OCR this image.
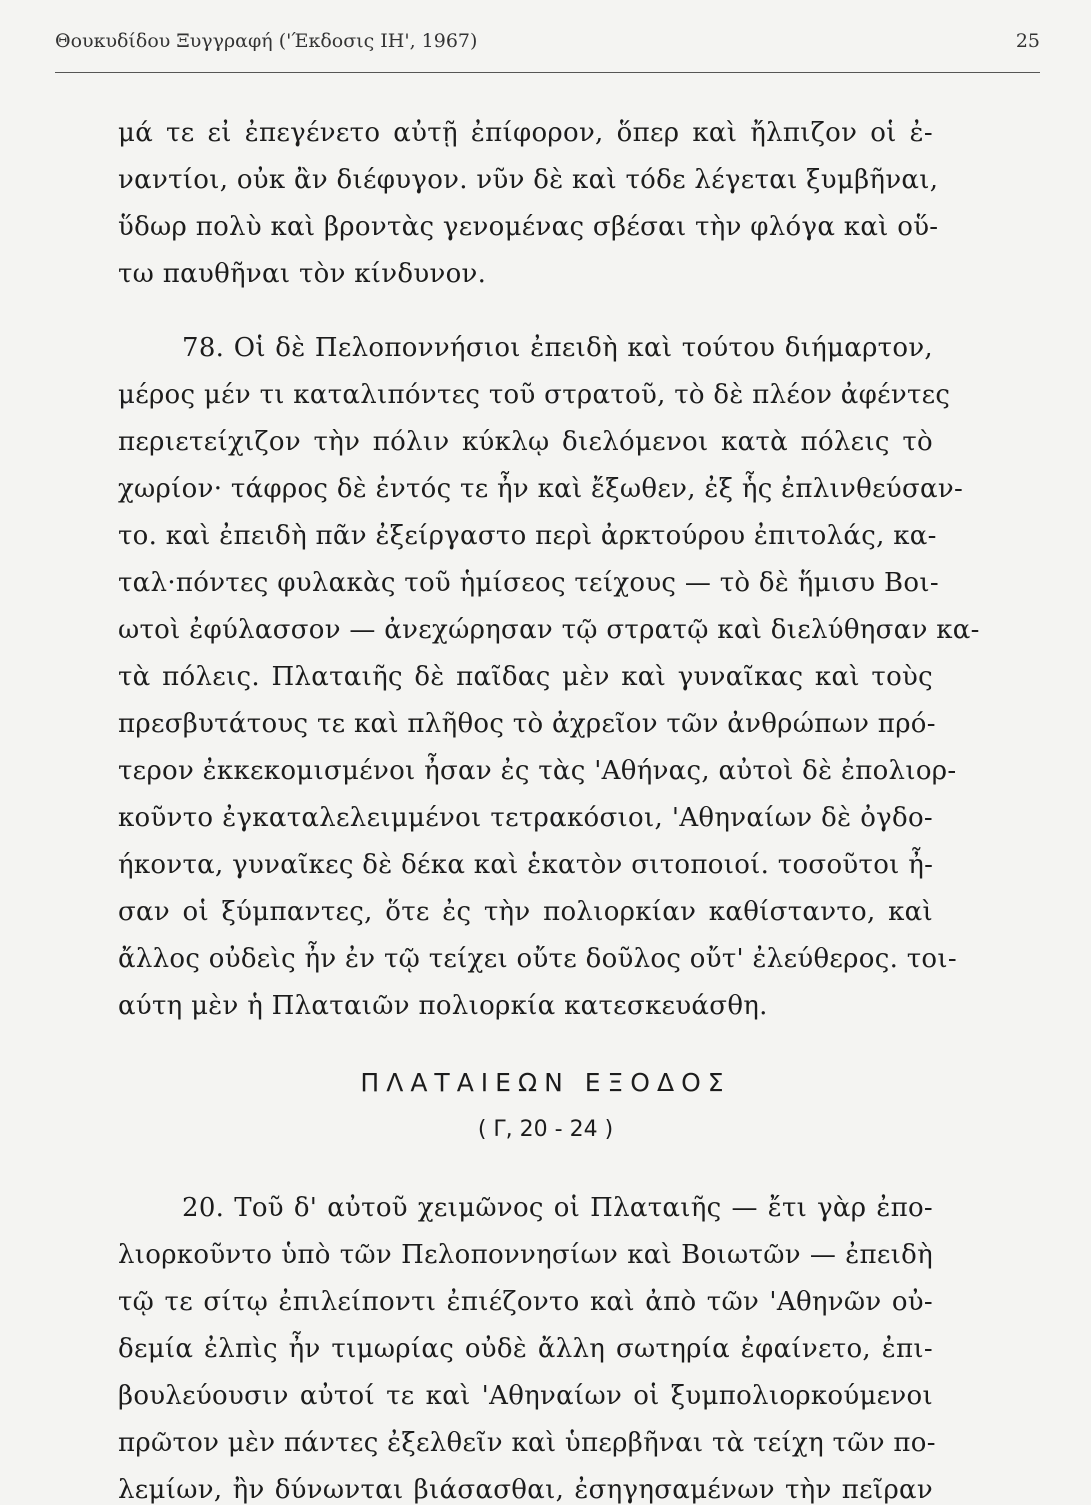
Θουκυδίδου Ξυγγραφή ('Έκδοσις ΙΗ', 1967)	25
μά τε εἰ ἐπεγένετο αὐτῇ ἐπίφορον, ὅπερ καὶ ἤλπιζον οἱ ἐ-
ναντίοι, οὐκ ἂν διέφυγον. νῦν δὲ καὶ τόδε λέγεται ξυμβῆναι,
ὕδωρ πολὺ καὶ βροντὰς γενομένας σβέσαι τὴν φλόγα καὶ οὕ-
τω παυθῆναι τὸν κίνδυνον.
78. Οἱ δὲ Πελοποννήσιοι ἐπειδὴ καὶ τούτου διήμαρτον,
μέρος μέν τι καταλιπόντες τοῦ στρατοῦ, τὸ δὲ πλέον ἀφέντες
περιετείχιζον τὴν πόλιν κύκλῳ διελόμενοι κατὰ πόλεις τὸ
χωρίον· τάφρος δὲ ἐντός τε ἦν καὶ ἔξωθεν, ἐξ ἧς ἐπλινθεύσαν-
το. καὶ ἐπειδὴ πᾶν ἐξείργαστο περὶ ἀρκτούρου ἐπιτολάς, κα-
ταλ·πόντες φυλακὰς τοῦ ἡμίσεος τείχους — τὸ δὲ ἥμισυ Βοι-
ωτοὶ ἐφύλασσον — ἀνεχώρησαν τῷ στρατῷ καὶ διελύθησαν κα-
τὰ πόλεις. Πλαταιῆς δὲ παῖδας μὲν καὶ γυναῖκας καὶ τοὺς
πρεσβυτάτους τε καὶ πλῆθος τὸ ἀχρεῖον τῶν ἀνθρώπων πρό-
τερον ἐκκεκομισμένοι ἦσαν ἐς τὰς 'Αθήνας, αὐτοὶ δὲ ἐπολιορ-
κοῦντο ἐγκαταλελειμμένοι τετρακόσιοι, 'Αθηναίων δὲ ὀγδο-
ήκοντα, γυναῖκες δὲ δέκα καὶ ἑκατὸν σιτοποιοί. τοσοῦτοι ἦ-
σαν οἱ ξύμπαντες, ὅτε ἐς τὴν πολιορκίαν καθίσταντο, καὶ
ἄλλος οὐδεὶς ἦν ἐν τῷ τείχει οὔτε δοῦλος οὔτ' ἐλεύθερος. τοι-
αύτη μὲν ἡ Πλαταιῶν πολιορκία κατεσκευάσθη.
ΠΛΑΤΑΙΕΩΝ ΕΞΟΔΟΣ
( Γ, 20 - 24 )
20. Τοῦ δ' αὐτοῦ χειμῶνος οἱ Πλαταιῆς — ἔτι γὰρ ἐπο-
λιορκοῦντο ὑπὸ τῶν Πελοποννησίων καὶ Βοιωτῶν — ἐπειδὴ
τῷ τε σίτῳ ἐπιλείποντι ἐπιέζοντο καὶ ἀπὸ τῶν 'Αθηνῶν οὐ-
δεμία ἐλπὶς ἦν τιμωρίας οὐδὲ ἄλλη σωτηρία ἐφαίνετο, ἐπι-
βουλεύουσιν αὐτοί τε καὶ 'Αθηναίων οἱ ξυμπολιορκούμενοι
πρῶτον μὲν πάντες ἐξελθεῖν καὶ ὑπερβῆναι τὰ τείχη τῶν πο-
λεμίων, ἢν δύνωνται βιάσασθαι, ἐσηγησαμένων τὴν πεῖραν
